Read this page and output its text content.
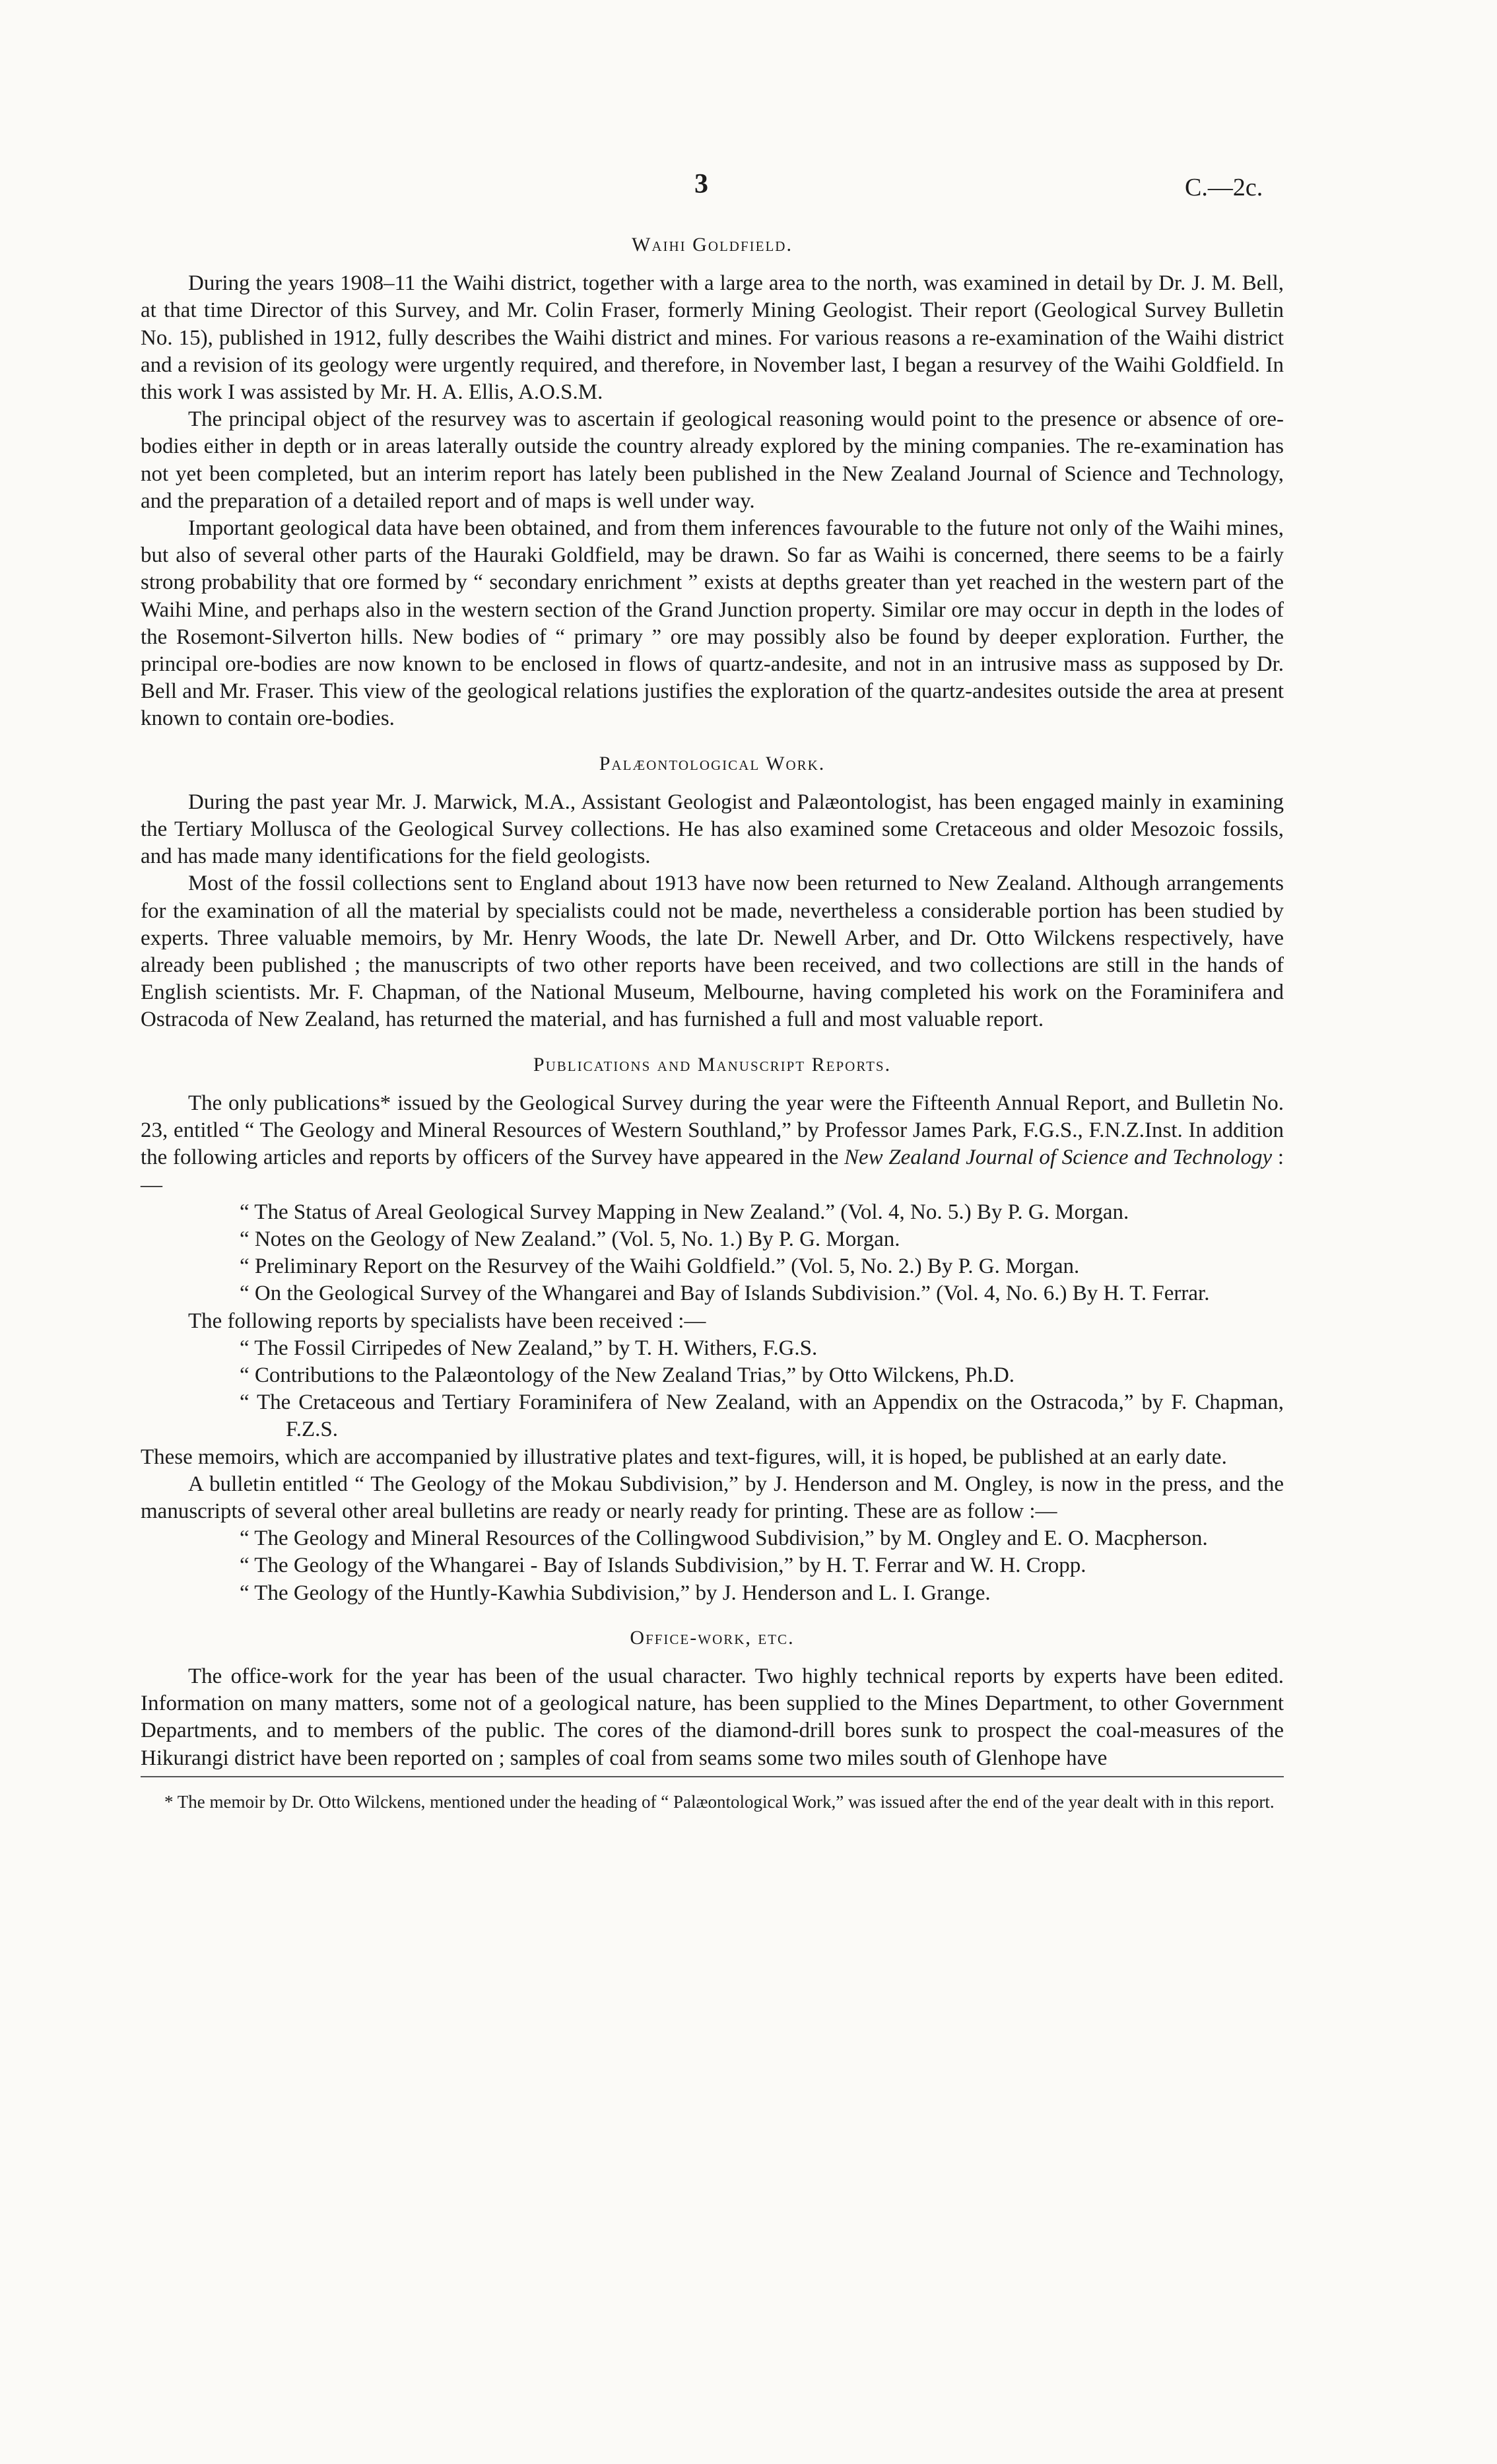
3	C.—2c.
Waihi Goldfield.

During the years 1908–11 the Waihi district, together with a large area to the north, was examined in detail by Dr. J. M. Bell, at that time Director of this Survey, and Mr. Colin Fraser, formerly Mining Geologist. Their report (Geological Survey Bulletin No. 15), published in 1912, fully describes the Waihi district and mines. For various reasons a re-examination of the Waihi district and a revision of its geology were urgently required, and therefore, in November last, I began a resurvey of the Waihi Goldfield. In this work I was assisted by Mr. H. A. Ellis, A.O.S.M.

The principal object of the resurvey was to ascertain if geological reasoning would point to the presence or absence of ore-bodies either in depth or in areas laterally outside the country already explored by the mining companies. The re-examination has not yet been completed, but an interim report has lately been published in the New Zealand Journal of Science and Technology, and the preparation of a detailed report and of maps is well under way.

Important geological data have been obtained, and from them inferences favourable to the future not only of the Waihi mines, but also of several other parts of the Hauraki Goldfield, may be drawn. So far as Waihi is concerned, there seems to be a fairly strong probability that ore formed by “ secondary enrichment ” exists at depths greater than yet reached in the western part of the Waihi Mine, and perhaps also in the western section of the Grand Junction property. Similar ore may occur in depth in the lodes of the Rosemont-Silverton hills. New bodies of “ primary ” ore may possibly also be found by deeper exploration. Further, the principal ore-bodies are now known to be enclosed in flows of quartz-andesite, and not in an intrusive mass as supposed by Dr. Bell and Mr. Fraser. This view of the geological relations justifies the exploration of the quartz-andesites outside the area at present known to contain ore-bodies.

Palæontological Work.

During the past year Mr. J. Marwick, M.A., Assistant Geologist and Palæontologist, has been engaged mainly in examining the Tertiary Mollusca of the Geological Survey collections. He has also examined some Cretaceous and older Mesozoic fossils, and has made many identifications for the field geologists.

Most of the fossil collections sent to England about 1913 have now been returned to New Zealand. Although arrangements for the examination of all the material by specialists could not be made, nevertheless a considerable portion has been studied by experts. Three valuable memoirs, by Mr. Henry Woods, the late Dr. Newell Arber, and Dr. Otto Wilckens respectively, have already been published ; the manuscripts of two other reports have been received, and two collections are still in the hands of English scientists. Mr. F. Chapman, of the National Museum, Melbourne, having completed his work on the Foraminifera and Ostracoda of New Zealand, has returned the material, and has furnished a full and most valuable report.

Publications and Manuscript Reports.

The only publications* issued by the Geological Survey during the year were the Fifteenth Annual Report, and Bulletin No. 23, entitled “ The Geology and Mineral Resources of Western Southland,” by Professor James Park, F.G.S., F.N.Z.Inst. In addition the following articles and reports by officers of the Survey have appeared in the New Zealand Journal of Science and Technology :—

“ The Status of Areal Geological Survey Mapping in New Zealand.” (Vol. 4, No. 5.) By P. G. Morgan.
“ Notes on the Geology of New Zealand.” (Vol. 5, No. 1.) By P. G. Morgan.
“ Preliminary Report on the Resurvey of the Waihi Goldfield.” (Vol. 5, No. 2.) By P. G. Morgan.
“ On the Geological Survey of the Whangarei and Bay of Islands Subdivision.” (Vol. 4, No. 6.) By H. T. Ferrar.

The following reports by specialists have been received :—

“ The Fossil Cirripedes of New Zealand,” by T. H. Withers, F.G.S.
“ Contributions to the Palæontology of the New Zealand Trias,” by Otto Wilckens, Ph.D.
“ The Cretaceous and Tertiary Foraminifera of New Zealand, with an Appendix on the Ostracoda,” by F. Chapman, F.Z.S.

These memoirs, which are accompanied by illustrative plates and text-figures, will, it is hoped, be published at an early date.

A bulletin entitled “ The Geology of the Mokau Subdivision,” by J. Henderson and M. Ongley, is now in the press, and the manuscripts of several other areal bulletins are ready or nearly ready for printing. These are as follow :—

“ The Geology and Mineral Resources of the Collingwood Subdivision,” by M. Ongley and E. O. Macpherson.
“ The Geology of the Whangarei - Bay of Islands Subdivision,” by H. T. Ferrar and W. H. Cropp.
“ The Geology of the Huntly-Kawhia Subdivision,” by J. Henderson and L. I. Grange.
Office-work, etc.

The office-work for the year has been of the usual character. Two highly technical reports by experts have been edited. Information on many matters, some not of a geological nature, has been supplied to the Mines Department, to other Government Departments, and to members of the public. The cores of the diamond-drill bores sunk to prospect the coal-measures of the Hikurangi district have been reported on ; samples of coal from seams some two miles south of Glenhope have

* The memoir by Dr. Otto Wilckens, mentioned under the heading of “ Palæontological Work,” was issued after the end of the year dealt with in this report.
